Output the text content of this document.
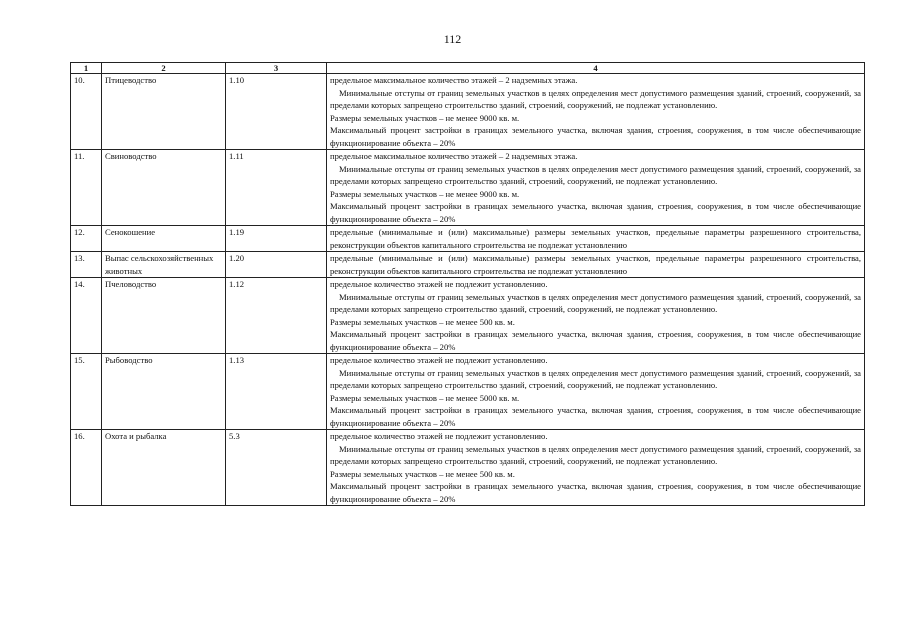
112
1	2	3	4
10.	Птицеводство	1.10	предельное максимальное количество этажей – 2 надземных этажа.
Минимальные отступы от границ земельных участков в целях определения мест допустимого размещения зданий, строений, сооружений, за пределами которых запрещено строительство зданий, строений, сооружений, не подлежат установлению.
Размеры земельных участков – не менее 9000 кв. м.
Максимальный процент застройки в границах земельного участка, включая здания, строения, сооружения, в том числе обеспечивающие функционирование объекта – 20%

11.	Свиноводство	1.11	предельное максимальное количество этажей – 2 надземных этажа.
Минимальные отступы от границ земельных участков в целях определения мест допустимого размещения зданий, строений, сооружений, за пределами которых запрещено строительство зданий, строений, сооружений, не подлежат установлению.
Размеры земельных участков – не менее 9000 кв. м.
Максимальный процент застройки в границах земельного участка, включая здания, строения, сооружения, в том числе обеспечивающие функционирование объекта – 20%

12.	Сенокошение	1.19	предельные (минимальные и (или) максимальные) размеры земельных участков, предельные параметры разрешенного строительства, реконструкции объектов капитального строительства не подлежат установлению

13.	Выпас сельскохозяйственных животных	1.20	предельные (минимальные и (или) максимальные) размеры земельных участков, предельные параметры разрешенного строительства, реконструкции объектов капитального строительства не подлежат установлению

14.	Пчеловодство	1.12	предельное количество этажей не подлежит установлению.
Минимальные отступы от границ земельных участков в целях определения мест допустимого размещения зданий, строений, сооружений, за пределами которых запрещено строительство зданий, строений, сооружений, не подлежат установлению.
Размеры земельных участков – не менее 500 кв. м.
Максимальный процент застройки в границах земельного участка, включая здания, строения, сооружения, в том числе обеспечивающие функционирование объекта – 20%

15.	Рыбоводство	1.13	предельное количество этажей не подлежит установлению.
Минимальные отступы от границ земельных участков в целях определения мест допустимого размещения зданий, строений, сооружений, за пределами которых запрещено строительство зданий, строений, сооружений, не подлежат установлению.
Размеры земельных участков – не менее 5000 кв. м.
Максимальный процент застройки в границах земельного участка, включая здания, строения, сооружения, в том числе обеспечивающие функционирование объекта – 20%

16.	Охота и рыбалка	5.3	предельное количество этажей не подлежит установлению.
Минимальные отступы от границ земельных участков в целях определения мест допустимого размещения зданий, строений, сооружений, за пределами которых запрещено строительство зданий, строений, сооружений, не подлежат установлению.
Размеры земельных участков – не менее 500 кв. м.
Максимальный процент застройки в границах земельного участка, включая здания, строения, сооружения, в том числе обеспечивающие функционирование объекта – 20%
